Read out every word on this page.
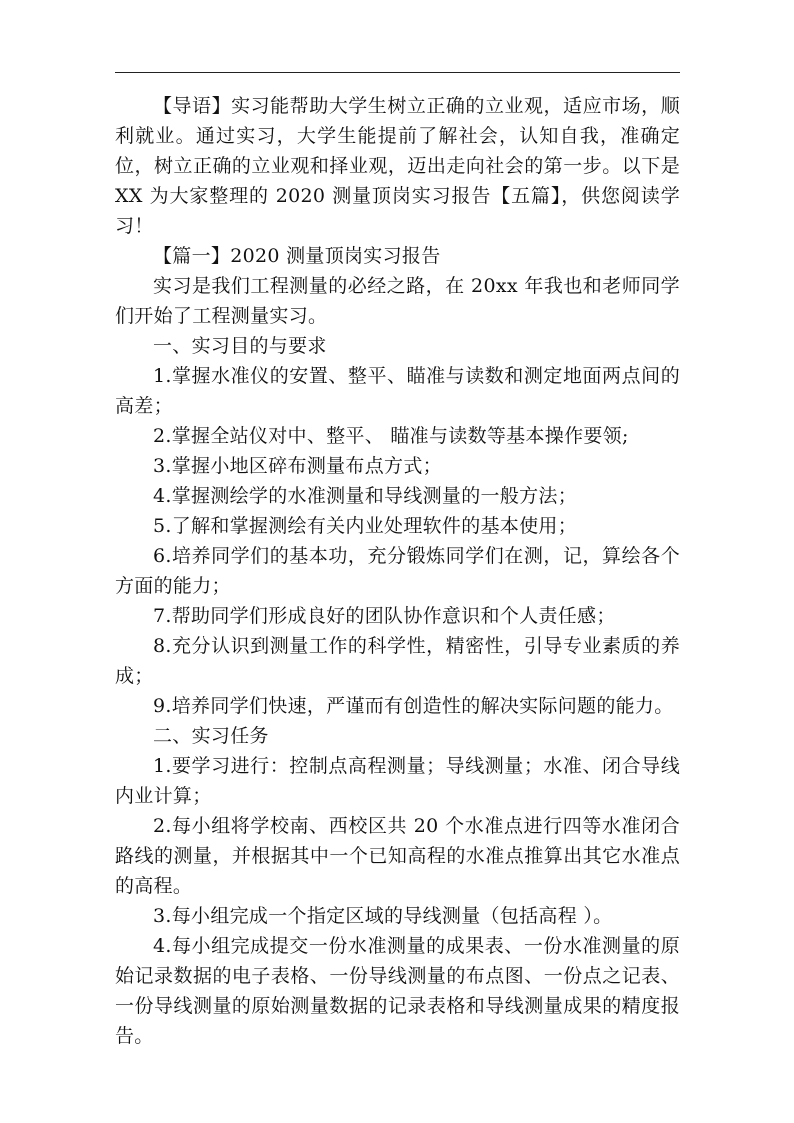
【导语】实习能帮助大学生树立正确的立业观，适应市场，顺利就业。通过实习，大学生能提前了解社会，认知自我，准确定位，树立正确的立业观和择业观，迈出走向社会的第一步。以下是 XX 为大家整理的 2020 测量顶岗实习报告【五篇】，供您阅读学习！

【篇一】2020 测量顶岗实习报告

实习是我们工程测量的必经之路，在 20xx 年我也和老师同学们开始了工程测量实习。

一、实习目的与要求

1.掌握水准仪的安置、整平、瞄准与读数和测定地面两点间的高差；

2.掌握全站仪对中、整平、 瞄准与读数等基本操作要领;

3.掌握小地区碎布测量布点方式；

4.掌握测绘学的水准测量和导线测量的一般方法；

5.了解和掌握测绘有关内业处理软件的基本使用；

6.培养同学们的基本功，充分锻炼同学们在测，记，算绘各个方面的能力；

7.帮助同学们形成良好的团队协作意识和个人责任感；

8.充分认识到测量工作的科学性，精密性，引导专业素质的养成；

9.培养同学们快速，严谨而有创造性的解决实际问题的能力。

二、实习任务

1.要学习进行：控制点高程测量；导线测量；水准、闭合导线内业计算；

2.每小组将学校南、西校区共 20 个水准点进行四等水准闭合路线的测量，并根据其中一个已知高程的水准点推算出其它水准点的高程。

3.每小组完成一个指定区域的导线测量（包括高程 ）。

4.每小组完成提交一份水准测量的成果表、一份水准测量的原始记录数据的电子表格、一份导线测量的布点图、一份点之记表、一份导线测量的原始测量数据的记录表格和导线测量成果的精度报告。
